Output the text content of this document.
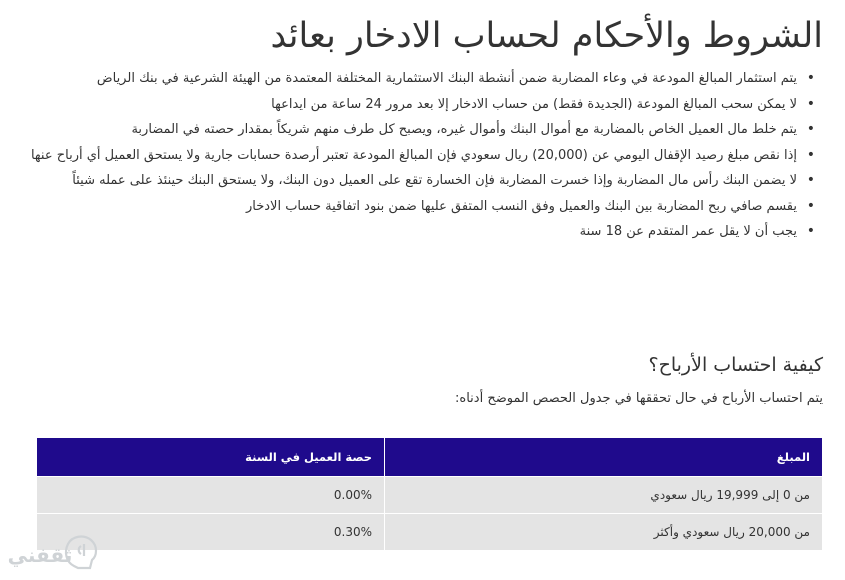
الشروط والأحكام لحساب الادخار بعائد
•
يتم استثمار المبالغ المودعة في وعاء المضاربة ضمن أنشطة البنك الاستثمارية المختلفة المعتمدة من الهيئة الشرعية في بنك الرياض
•
لا يمكن سحب المبالغ المودعة (الجديدة فقط) من حساب الادخار إلا بعد مرور 24 ساعة من ايداعها
•
يتم خلط مال العميل الخاص بالمضاربة مع أموال البنك وأموال غيره، ويصبح كل طرف منهم شريكاً بمقدار حصته في المضاربة
•
إذا نقص مبلغ رصيد الإقفال اليومي عن (20,000) ريال سعودي فإن المبالغ المودعة تعتبر أرصدة حسابات جارية ولا يستحق العميل أي أرباح عنها
•
لا يضمن البنك رأس مال المضاربة وإذا خسرت المضاربة فإن الخسارة تقع على العميل دون البنك، ولا يستحق البنك حينئذ على عمله شيئاً
•
يقسم صافي ربح المضاربة بين البنك والعميل وفق النسب المتفق عليها ضمن بنود اتفاقية حساب الادخار
•
يجب أن لا يقل عمر المتقدم عن 18 سنة
كيفية احتساب الأرباح؟

يتم احتساب الأرباح في حال تحققها في جدول الحصص الموضح أدناه:

المبلغ	حصة العميل في السنة
من 0 إلى 19,999 ريال سعودي	0.00%
من 20,000 ريال سعودي وأكثر	0.30%
ثقفني
